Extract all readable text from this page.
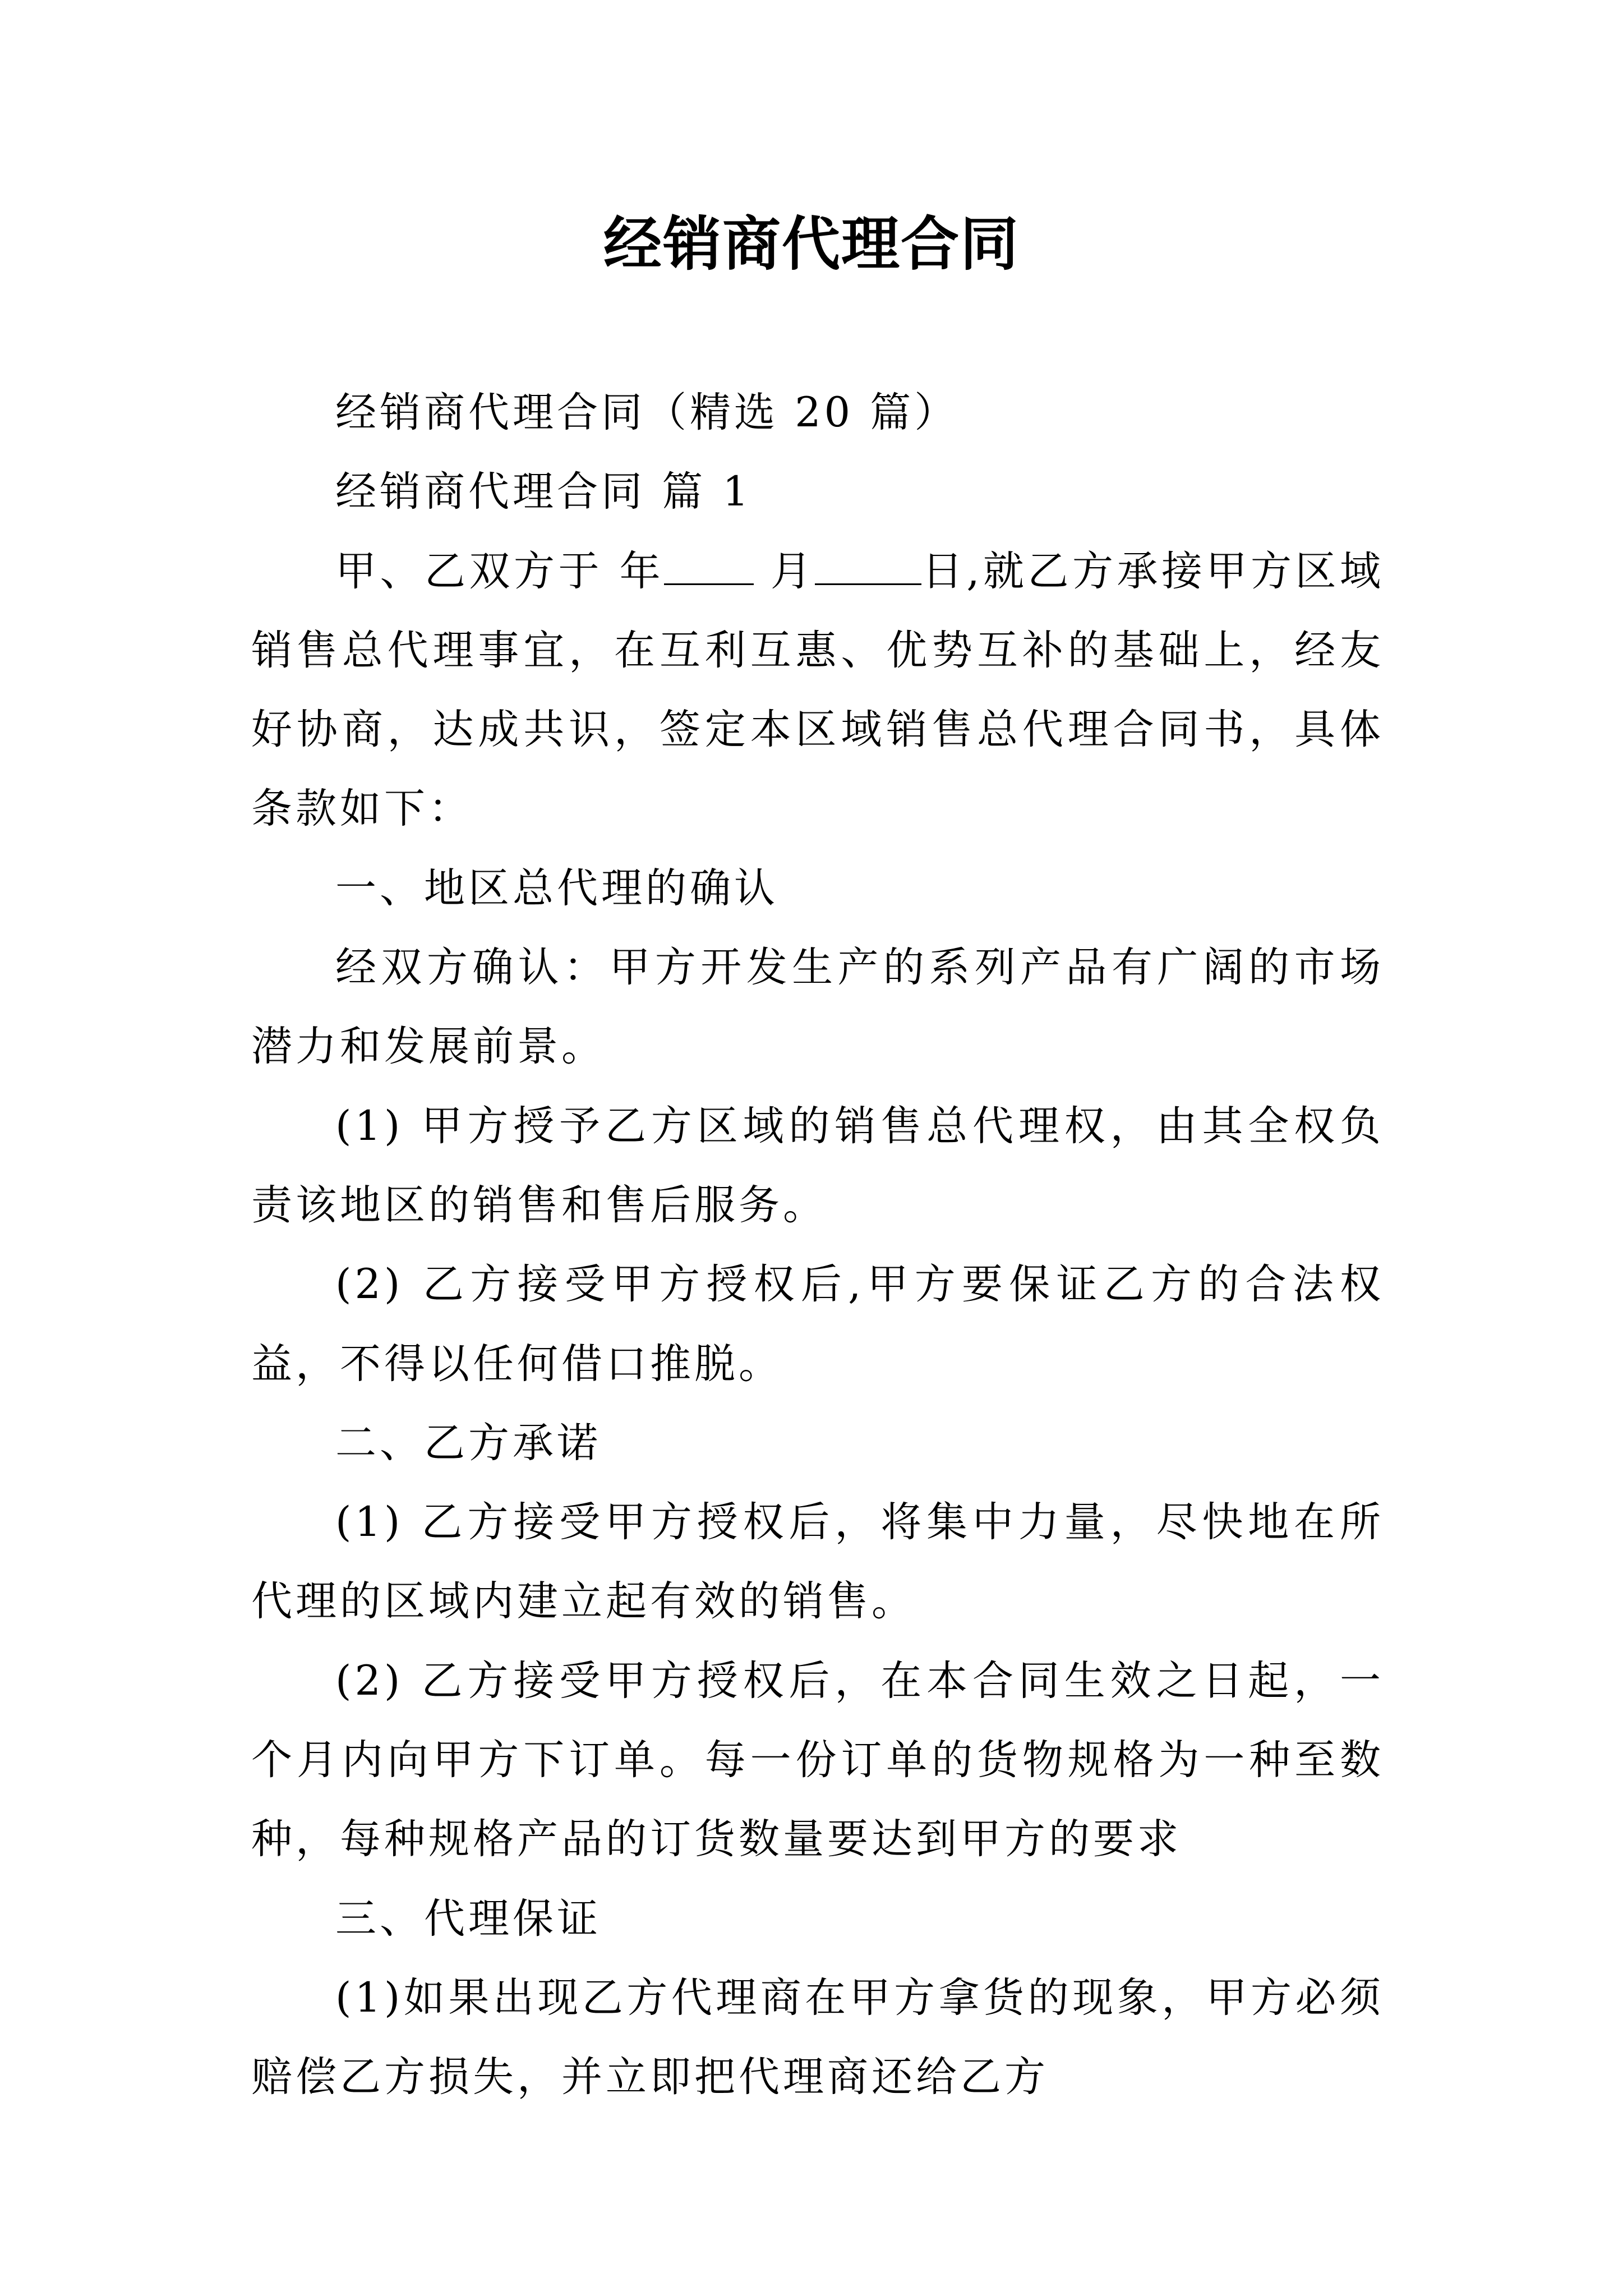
经销商代理合同

经销商代理合同（精选 20 篇）

经销商代理合同 篇 1

甲、乙双方于 年 月	日,就乙方承接甲方区域销售总代理事宜，在互利互惠、优势互补的基础上，经友好协商，达成共识，签定本区域销售总代理合同书，具体条款如下：

一、地区总代理的确认

经双方确认：甲方开发生产的系列产品有广阔的市场潜力和发展前景。

(1) 甲方授予乙方区域的销售总代理权，由其全权负责该地区的销售和售后服务。

(2) 乙方接受甲方授权后,甲方要保证乙方的合法权益，不得以任何借口推脱。

二、乙方承诺

(1) 乙方接受甲方授权后，将集中力量，尽快地在所代理的区域内建立起有效的销售。

(2) 乙方接受甲方授权后，在本合同生效之日起，一个月内向甲方下订单。每一份订单的货物规格为一种至数种，每种规格产品的订货数量要达到甲方的要求

三、代理保证

(1)如果出现乙方代理商在甲方拿货的现象，甲方必须赔偿乙方损失，并立即把代理商还给乙方
